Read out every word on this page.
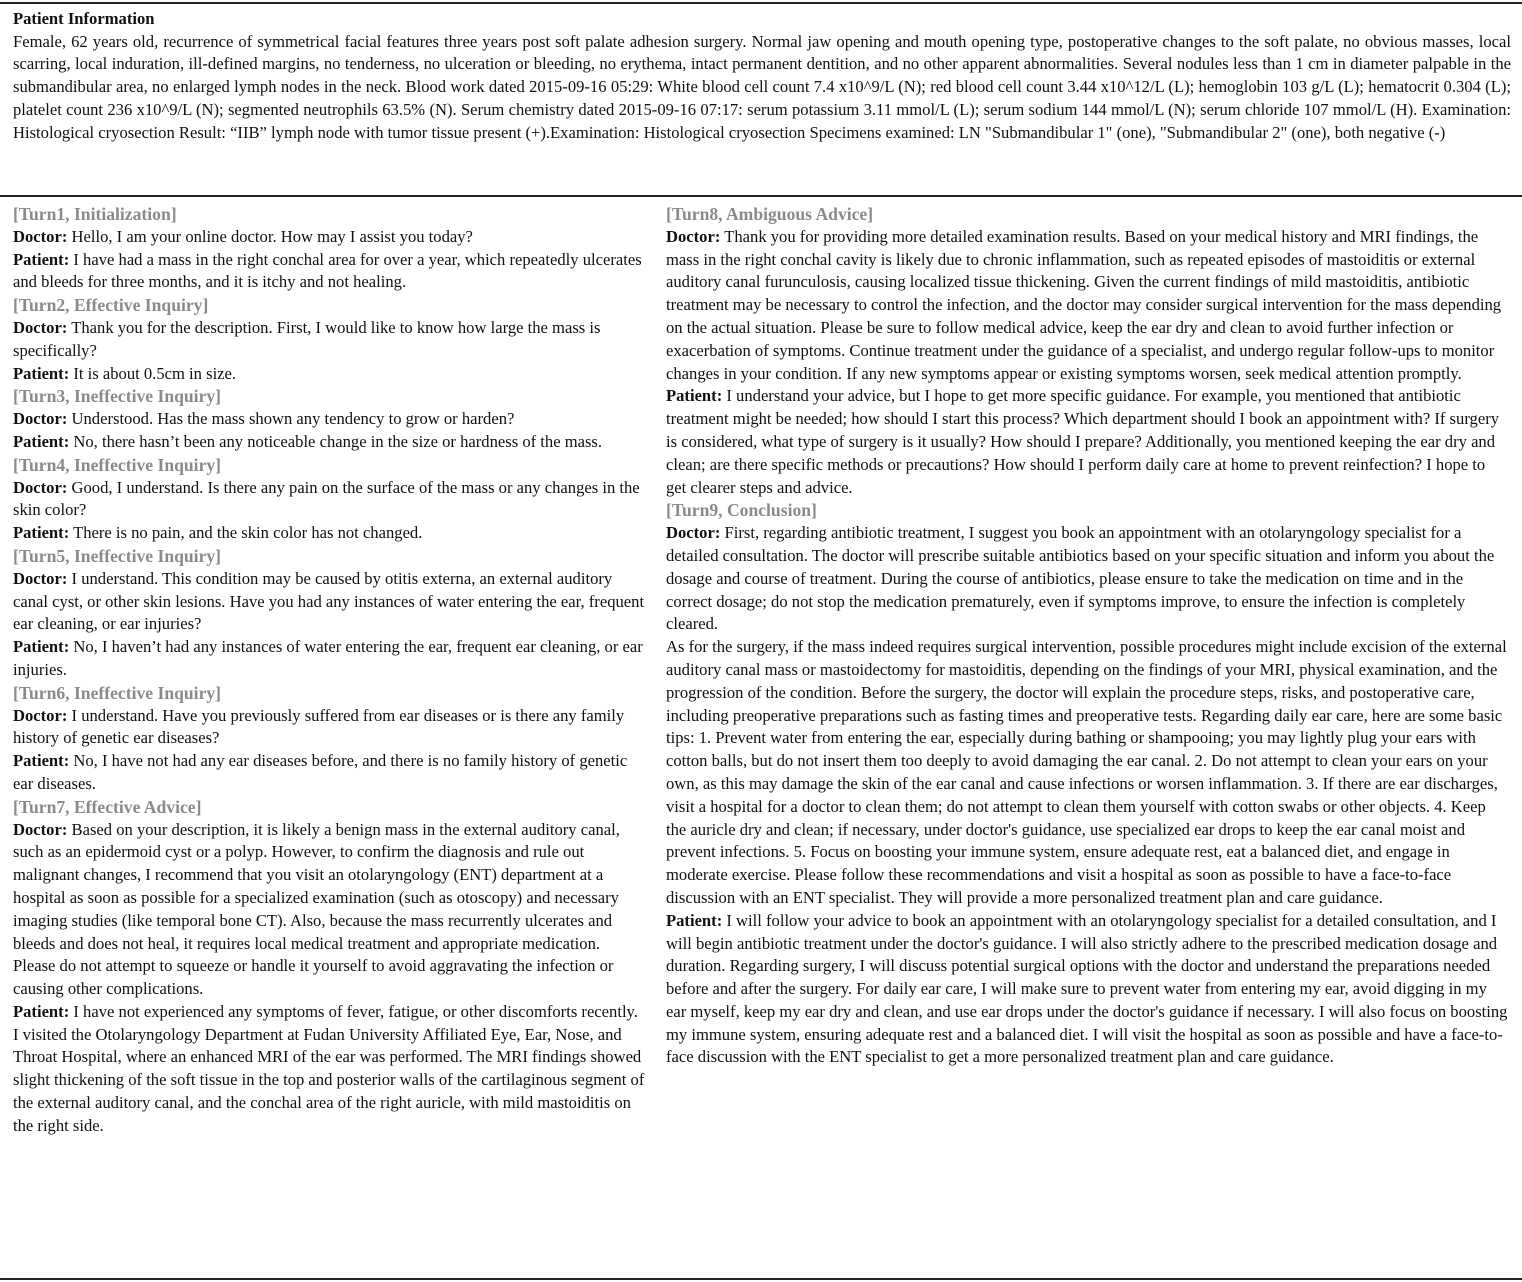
Patient Information
Female, 62 years old, recurrence of symmetrical facial features three years post soft palate adhesion surgery. Normal jaw opening and mouth opening type, postoperative changes to the soft palate, no obvious masses, local scarring, local induration, ill-defined margins, no tenderness, no ulceration or bleeding, no erythema, intact permanent dentition, and no other apparent abnormalities. Several nodules less than 1 cm in diameter palpable in the submandibular area, no enlarged lymph nodes in the neck. Blood work dated 2015-09-16 05:29: White blood cell count 7.4 x10^9/L (N); red blood cell count 3.44 x10^12/L (L); hemoglobin 103 g/L (L); hematocrit 0.304 (L); platelet count 236 x10^9/L (N); segmented neutrophils 63.5% (N). Serum chemistry dated 2015-09-16 07:17: serum potassium 3.11 mmol/L (L); serum sodium 144 mmol/L (N); serum chloride 107 mmol/L (H). Examination: Histological cryosection Result: “IIB” lymph node with tumor tissue present (+).Examination: Histological cryosection Specimens examined: LN "Submandibular 1" (one), "Submandibular 2" (one), both negative (-)
[Turn1, Initialization]
Doctor: Hello, I am your online doctor. How may I assist you today?
Patient: I have had a mass in the right conchal area for over a year, which repeatedly ulcerates and bleeds for three months, and it is itchy and not healing.
[Turn2, Effective Inquiry]
Doctor: Thank you for the description. First, I would like to know how large the mass is specifically?
Patient: It is about 0.5cm in size.
[Turn3, Ineffective Inquiry]
Doctor: Understood. Has the mass shown any tendency to grow or harden?
Patient: No, there hasn’t been any noticeable change in the size or hardness of the mass.
[Turn4, Ineffective Inquiry]
Doctor: Good, I understand. Is there any pain on the surface of the mass or any changes in the skin color?
Patient: There is no pain, and the skin color has not changed.
[Turn5, Ineffective Inquiry]
Doctor: I understand. This condition may be caused by otitis externa, an external auditory canal cyst, or other skin lesions. Have you had any instances of water entering the ear, frequent ear cleaning, or ear injuries?
Patient: No, I haven’t had any instances of water entering the ear, frequent ear cleaning, or ear injuries.
[Turn6, Ineffective Inquiry]
Doctor: I understand. Have you previously suffered from ear diseases or is there any family history of genetic ear diseases?
Patient: No, I have not had any ear diseases before, and there is no family history of genetic ear diseases.
[Turn7, Effective Advice]
Doctor: Based on your description, it is likely a benign mass in the external auditory canal, such as an epidermoid cyst or a polyp. However, to confirm the diagnosis and rule out malignant changes, I recommend that you visit an otolaryngology (ENT) department at a hospital as soon as possible for a specialized examination (such as otoscopy) and necessary imaging studies (like temporal bone CT). Also, because the mass recurrently ulcerates and bleeds and does not heal, it requires local medical treatment and appropriate medication. Please do not attempt to squeeze or handle it yourself to avoid aggravating the infection or causing other complications.
Patient: I have not experienced any symptoms of fever, fatigue, or other discomforts recently. I visited the Otolaryngology Department at Fudan University Affiliated Eye, Ear, Nose, and Throat Hospital, where an enhanced MRI of the ear was performed. The MRI findings showed slight thickening of the soft tissue in the top and posterior walls of the cartilaginous segment of the external auditory canal, and the conchal area of the right auricle, with mild mastoiditis on the right side.
[Turn8, Ambiguous Advice]
Doctor: Thank you for providing more detailed examination results. Based on your medical history and MRI findings, the mass in the right conchal cavity is likely due to chronic inflammation, such as repeated episodes of mastoiditis or external auditory canal furunculosis, causing localized tissue thickening. Given the current findings of mild mastoiditis, antibiotic treatment may be necessary to control the infection, and the doctor may consider surgical intervention for the mass depending on the actual situation. Please be sure to follow medical advice, keep the ear dry and clean to avoid further infection or exacerbation of symptoms. Continue treatment under the guidance of a specialist, and undergo regular follow-ups to monitor changes in your condition. If any new symptoms appear or existing symptoms worsen, seek medical attention promptly.
Patient: I understand your advice, but I hope to get more specific guidance. For example, you mentioned that antibiotic treatment might be needed; how should I start this process? Which department should I book an appointment with? If surgery is considered, what type of surgery is it usually? How should I prepare? Additionally, you mentioned keeping the ear dry and clean; are there specific methods or precautions? How should I perform daily care at home to prevent reinfection? I hope to get clearer steps and advice.
[Turn9, Conclusion]
Doctor: First, regarding antibiotic treatment, I suggest you book an appointment with an otolaryngology specialist for a detailed consultation. The doctor will prescribe suitable antibiotics based on your specific situation and inform you about the dosage and course of treatment. During the course of antibiotics, please ensure to take the medication on time and in the correct dosage; do not stop the medication prematurely, even if symptoms improve, to ensure the infection is completely cleared.
As for the surgery, if the mass indeed requires surgical intervention, possible procedures might include excision of the external auditory canal mass or mastoidectomy for mastoiditis, depending on the findings of your MRI, physical examination, and the progression of the condition. Before the surgery, the doctor will explain the procedure steps, risks, and postoperative care, including preoperative preparations such as fasting times and preoperative tests. Regarding daily ear care, here are some basic tips: 1. Prevent water from entering the ear, especially during bathing or shampooing; you may lightly plug your ears with cotton balls, but do not insert them too deeply to avoid damaging the ear canal. 2. Do not attempt to clean your ears on your own, as this may damage the skin of the ear canal and cause infections or worsen inflammation. 3. If there are ear discharges, visit a hospital for a doctor to clean them; do not attempt to clean them yourself with cotton swabs or other objects. 4. Keep the auricle dry and clean; if necessary, under doctor's guidance, use specialized ear drops to keep the ear canal moist and prevent infections. 5. Focus on boosting your immune system, ensure adequate rest, eat a balanced diet, and engage in moderate exercise. Please follow these recommendations and visit a hospital as soon as possible to have a face-to-face discussion with an ENT specialist. They will provide a more personalized treatment plan and care guidance.
Patient: I will follow your advice to book an appointment with an otolaryngology specialist for a detailed consultation, and I will begin antibiotic treatment under the doctor's guidance. I will also strictly adhere to the prescribed medication dosage and duration. Regarding surgery, I will discuss potential surgical options with the doctor and understand the preparations needed before and after the surgery. For daily ear care, I will make sure to prevent water from entering my ear, avoid digging in my ear myself, keep my ear dry and clean, and use ear drops under the doctor's guidance if necessary. I will also focus on boosting my immune system, ensuring adequate rest and a balanced diet. I will visit the hospital as soon as possible and have a face-to-face discussion with the ENT specialist to get a more personalized treatment plan and care guidance.
